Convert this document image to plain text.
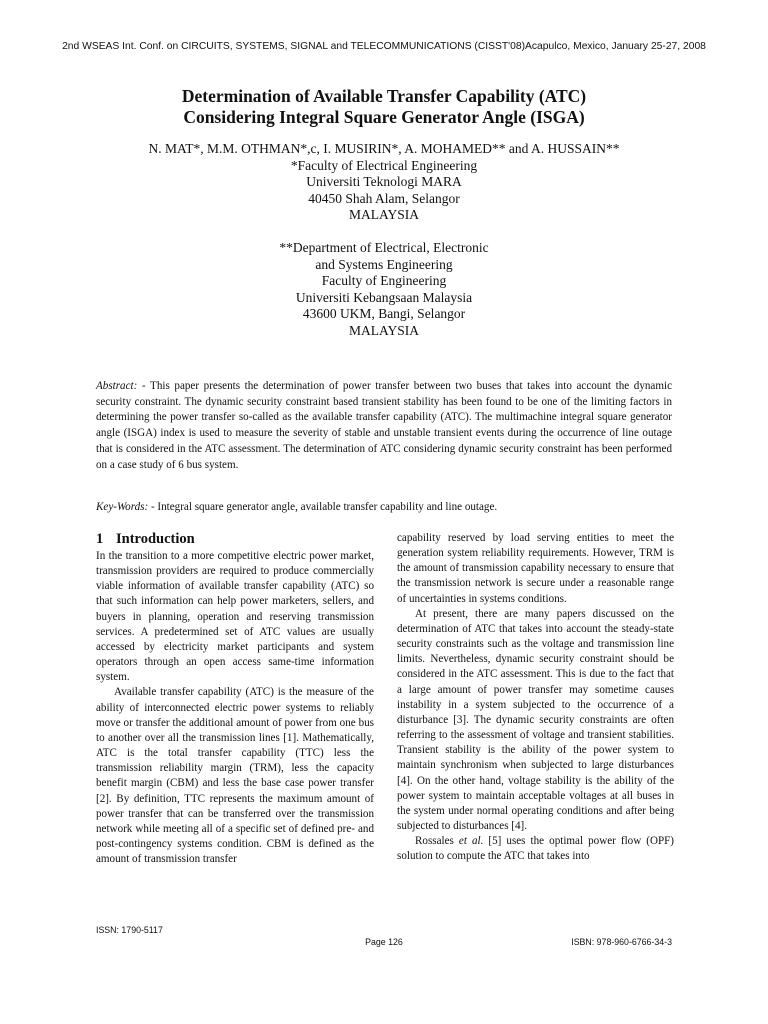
2nd WSEAS Int. Conf. on CIRCUITS, SYSTEMS, SIGNAL and TELECOMMUNICATIONS (CISST'08)Acapulco, Mexico, January 25-27, 2008
Determination of Available Transfer Capability (ATC)
Considering Integral Square Generator Angle (ISGA)
N. MAT*, M.M. OTHMAN*,c, I. MUSIRIN*, A. MOHAMED** and A. HUSSAIN**
*Faculty of Electrical Engineering
Universiti Teknologi MARA
40450 Shah Alam, Selangor
MALAYSIA
**Department of Electrical, Electronic
and Systems Engineering
Faculty of Engineering
Universiti Kebangsaan Malaysia
43600 UKM, Bangi, Selangor
MALAYSIA
Abstract: - This paper presents the determination of power transfer between two buses that takes into account the dynamic security constraint. The dynamic security constraint based transient stability has been found to be one of the limiting factors in determining the power transfer so-called as the available transfer capability (ATC). The multimachine integral square generator angle (ISGA) index is used to measure the severity of stable and unstable transient events during the occurrence of line outage that is considered in the ATC assessment. The determination of ATC considering dynamic security constraint has been performed on a case study of 6 bus system.
Key-Words: - Integral square generator angle, available transfer capability and line outage.
1 Introduction

In the transition to a more competitive electric power market, transmission providers are required to produce commercially viable information of available transfer capability (ATC) so that such information can help power marketers, sellers, and buyers in planning, operation and reserving transmission services. A predetermined set of ATC values are usually accessed by electricity market participants and system operators through an open access same-time information system.

Available transfer capability (ATC) is the measure of the ability of interconnected electric power systems to reliably move or transfer the additional amount of power from one bus to another over all the transmission lines [1]. Mathematically, ATC is the total transfer capability (TTC) less the transmission reliability margin (TRM), less the capacity benefit margin (CBM) and less the base case power transfer [2]. By definition, TTC represents the maximum amount of power transfer that can be transferred over the transmission network while meeting all of a specific set of defined pre- and post-contingency systems condition. CBM is defined as the amount of transmission transfer

capability reserved by load serving entities to meet the generation system reliability requirements. However, TRM is the amount of transmission capability necessary to ensure that the transmission network is secure under a reasonable range of uncertainties in systems conditions.

At present, there are many papers discussed on the determination of ATC that takes into account the steady-state security constraints such as the voltage and transmission line limits. Nevertheless, dynamic security constraint should be considered in the ATC assessment. This is due to the fact that a large amount of power transfer may sometime causes instability in a system subjected to the occurrence of a disturbance [3]. The dynamic security constraints are often referring to the assessment of voltage and transient stabilities. Transient stability is the ability of the power system to maintain synchronism when subjected to large disturbances [4]. On the other hand, voltage stability is the ability of the power system to maintain acceptable voltages at all buses in the system under normal operating conditions and after being subjected to disturbances [4].

Rossales et al. [5] uses the optimal power flow (OPF) solution to compute the ATC that takes into

ISSN: 1790-5117
Page 126	ISBN: 978-960-6766-34-3
